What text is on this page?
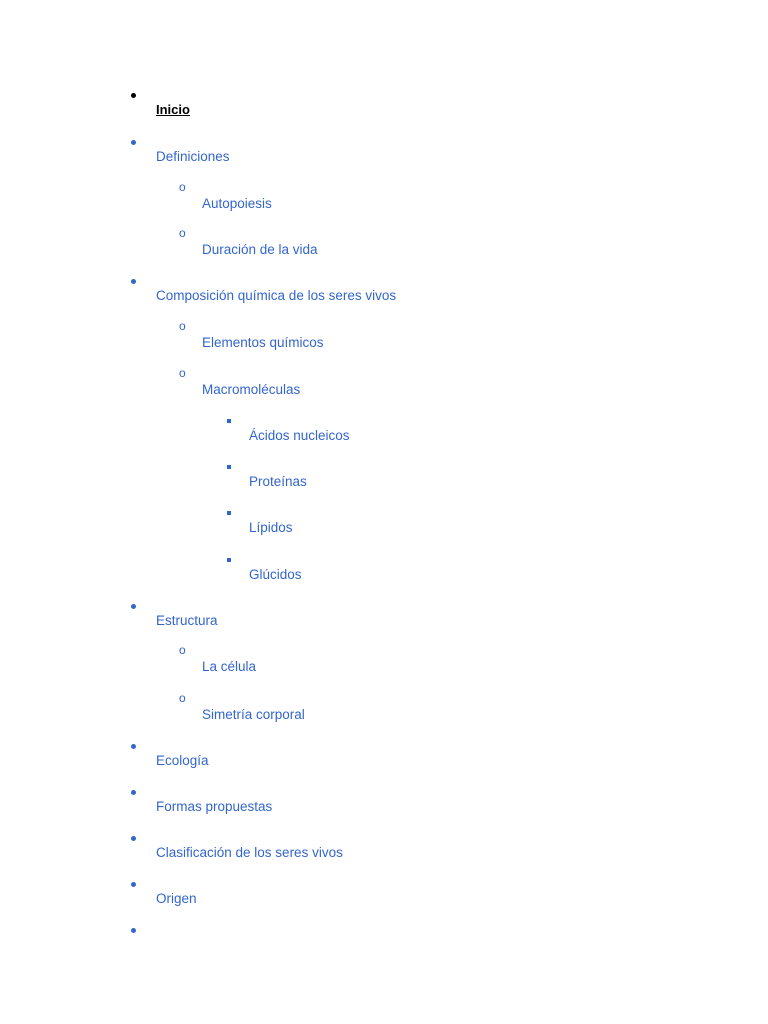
Inicio
Definiciones
o
Autopoiesis
o
Duración de la vida
Composición química de los seres vivos
o
Elementos químicos
o
Macromoléculas
Ácidos nucleicos
Proteínas
Lípidos
Glúcidos
Estructura
o
La célula
o
Simetría corporal
Ecología
Formas propuestas
Clasificación de los seres vivos
Origen
